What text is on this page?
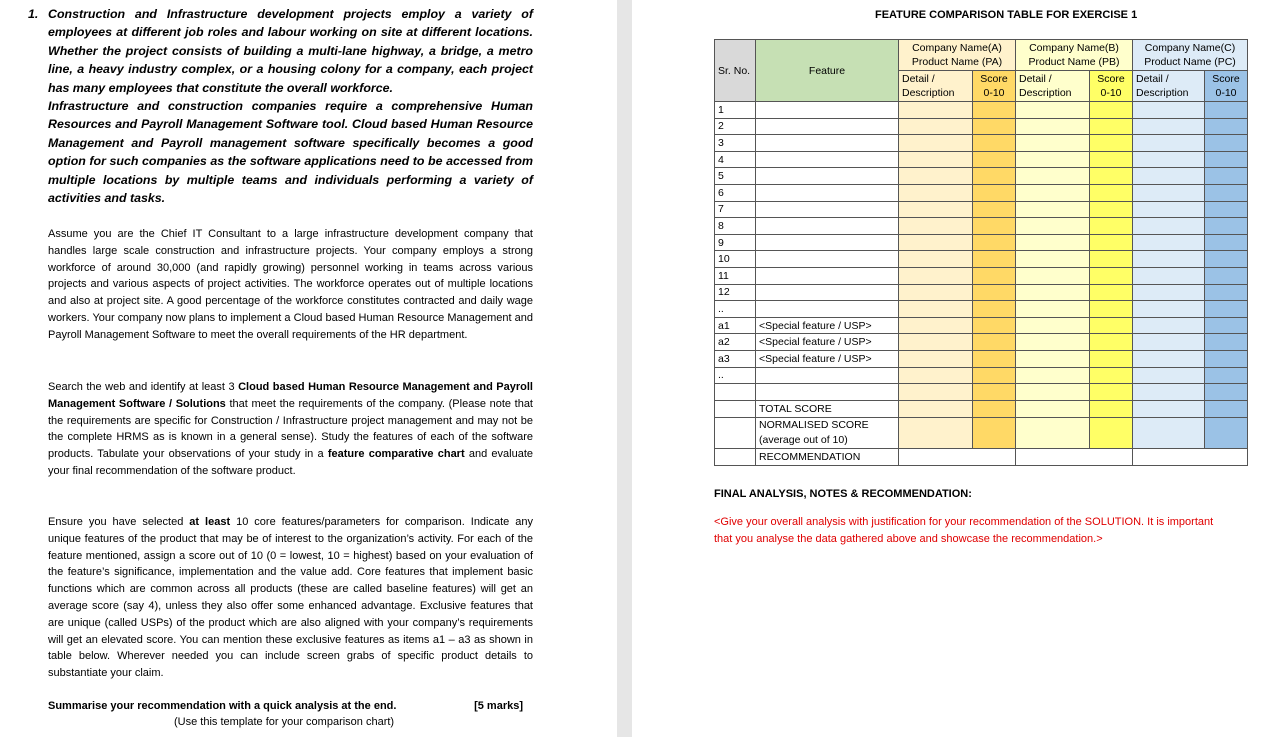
1. Construction and Infrastructure development projects employ a variety of employees at different job roles and labour working on site at different locations. Whether the project consists of building a multi-lane highway, a bridge, a metro line, a heavy industry complex, or a housing colony for a company, each project has many employees that constitute the overall workforce.

Infrastructure and construction companies require a comprehensive Human Resources and Payroll Management Software tool. Cloud based Human Resource Management and Payroll management software specifically becomes a good option for such companies as the software applications need to be accessed from multiple locations by multiple teams and individuals performing a variety of activities and tasks.

Assume you are the Chief IT Consultant to a large infrastructure development company that handles large scale construction and infrastructure projects. Your company employs a strong workforce of around 30,000 (and rapidly growing) personnel working in teams across various projects and various aspects of project activities. The workforce operates out of multiple locations and also at project site. A good percentage of the workforce constitutes contracted and daily wage workers. Your company now plans to implement a Cloud based Human Resource Management and Payroll Management Software to meet the overall requirements of the HR department.
Search the web and identify at least 3 Cloud based Human Resource Management and Payroll Management Software / Solutions that meet the requirements of the company. (Please note that the requirements are specific for Construction / Infrastructure project management and may not be the complete HRMS as is known in a general sense). Study the features of each of the software products. Tabulate your observations of your study in a feature comparative chart and evaluate your final recommendation of the software product.
Ensure you have selected at least 10 core features/parameters for comparison. Indicate any unique features of the product that may be of interest to the organization’s activity. For each of the feature mentioned, assign a score out of 10 (0 = lowest, 10 = highest) based on your evaluation of the feature’s significance, implementation and the value add. Core features that implement basic functions which are common across all products (these are called baseline features) will get an average score (say 4), unless they also offer some enhanced advantage. Exclusive features that are unique (called USPs) of the product which are also aligned with your company’s requirements will get an elevated score. You can mention these exclusive features as items a1 – a3 as shown in table below. Wherever needed you can include screen grabs of specific product details to substantiate your claim.
Summarise your recommendation with a quick analysis at the end.	[5 marks]
(Use this template for your comparison chart)
FEATURE COMPARISON TABLE FOR EXERCISE 1
Sr. No.	Feature	Company Name(A) Product Name (PA)		Company Name(B) Product Name (PB)		Company Name(C) Product Name (PC)	
		Detail / Description	Score 0-10	Detail / Description	Score 0-10	Detail / Description	Score 0-10
1							
2							
3							
4							
5							
6							
7							
8							
9							
10							
11							
12							
..							
a1	<Special feature / USP>						
a2	<Special feature / USP>						
a3	<Special feature / USP>						
..							

	TOTAL SCORE						
	NORMALISED SCORE (average out of 10)						
	RECOMMENDATION						
FINAL ANALYSIS, NOTES & RECOMMENDATION:
<Give your overall analysis with justification for your recommendation of the SOLUTION. It is important that you analyse the data gathered above and showcase the recommendation.>
